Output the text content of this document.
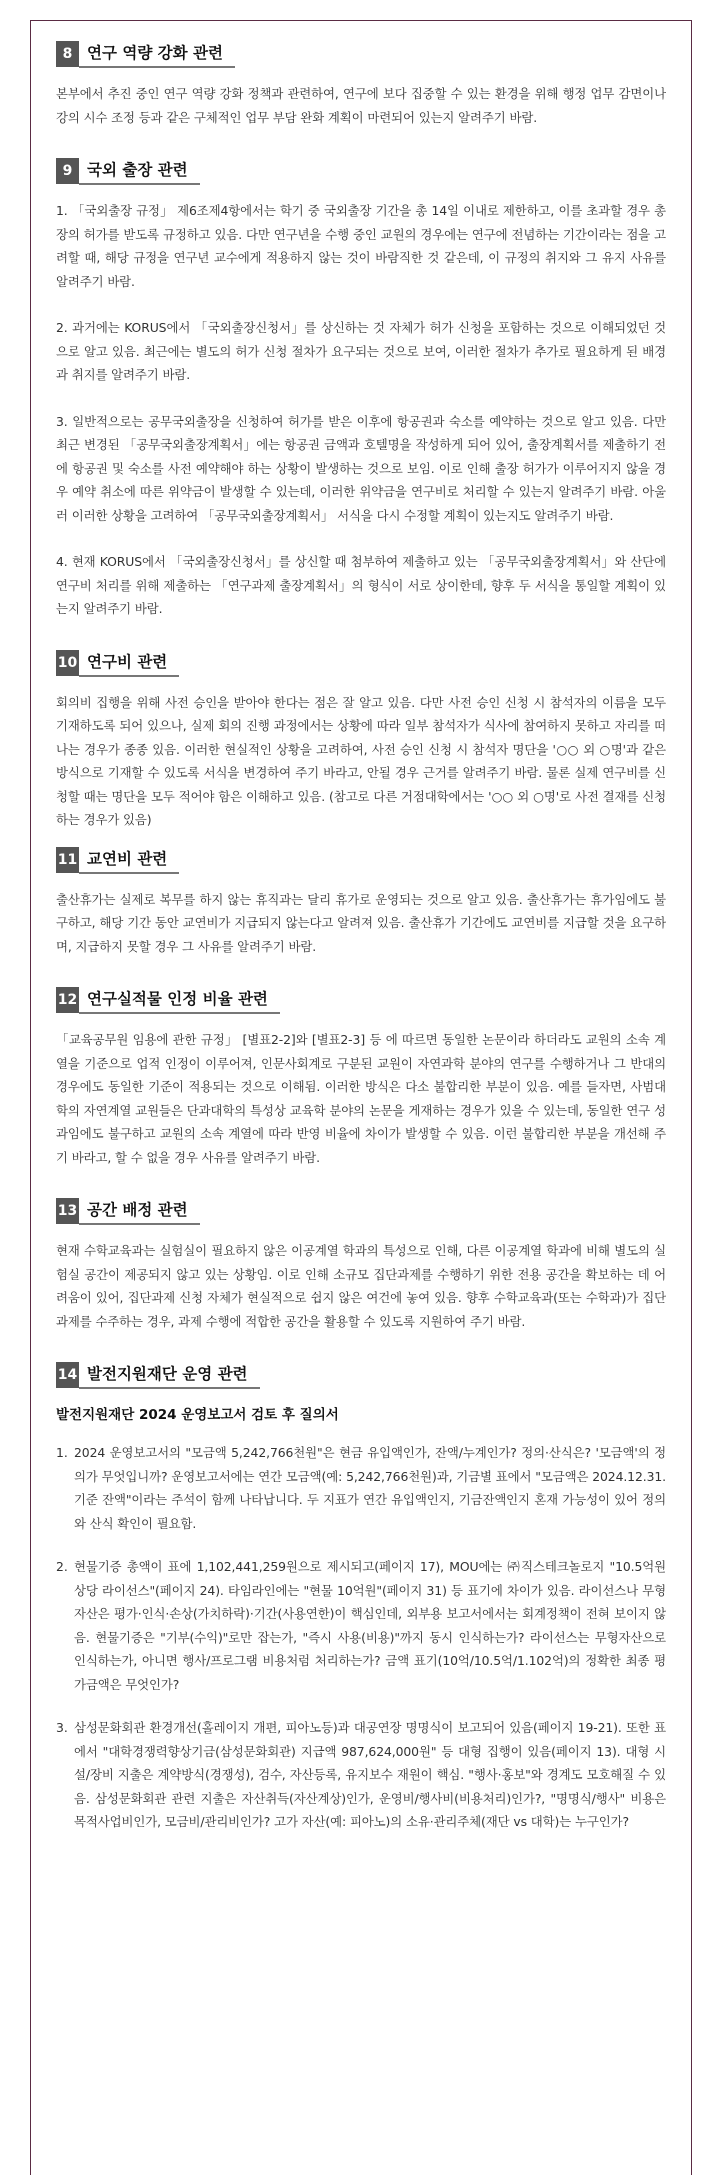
8 연구 역량 강화 관련

본부에서 추진 중인 연구 역량 강화 정책과 관련하여, 연구에 보다 집중할 수 있는 환경을 위해 행정 업무 감면이나 강의 시수 조정 등과 같은 구체적인 업무 부담 완화 계획이 마련되어 있는지 알려주기 바람.

9 국외 출장 관련

1. 「국외출장 규정」 제6조제4항에서는 학기 중 국외출장 기간을 총 14일 이내로 제한하고, 이를 초과할 경우 총장의 허가를 받도록 규정하고 있음. 다만 연구년을 수행 중인 교원의 경우에는 연구에 전념하는 기간이라는 점을 고려할 때, 해당 규정을 연구년 교수에게 적용하지 않는 것이 바람직한 것 같은데, 이 규정의 취지와 그 유지 사유를 알려주기 바람.

2. 과거에는 KORUS에서 「국외출장신청서」를 상신하는 것 자체가 허가 신청을 포함하는 것으로 이해되었던 것으로 알고 있음. 최근에는 별도의 허가 신청 절차가 요구되는 것으로 보여, 이러한 절차가 추가로 필요하게 된 배경과 취지를 알려주기 바람.

3. 일반적으로는 공무국외출장을 신청하여 허가를 받은 이후에 항공권과 숙소를 예약하는 것으로 알고 있음. 다만 최근 변경된 「공무국외출장계획서」에는 항공권 금액과 호텔명을 작성하게 되어 있어, 출장계획서를 제출하기 전에 항공권 및 숙소를 사전 예약해야 하는 상황이 발생하는 것으로 보임. 이로 인해 출장 허가가 이루어지지 않을 경우 예약 취소에 따른 위약금이 발생할 수 있는데, 이러한 위약금을 연구비로 처리할 수 있는지 알려주기 바람. 아울러 이러한 상황을 고려하여 「공무국외출장계획서」 서식을 다시 수정할 계획이 있는지도 알려주기 바람.

4. 현재 KORUS에서 「국외출장신청서」를 상신할 때 첨부하여 제출하고 있는 「공무국외출장계획서」와 산단에 연구비 처리를 위해 제출하는 「연구과제 출장계획서」의 형식이 서로 상이한데, 향후 두 서식을 통일할 계획이 있는지 알려주기 바람.

10 연구비 관련

회의비 집행을 위해 사전 승인을 받아야 한다는 점은 잘 알고 있음. 다만 사전 승인 신청 시 참석자의 이름을 모두 기재하도록 되어 있으나, 실제 회의 진행 과정에서는 상황에 따라 일부 참석자가 식사에 참여하지 못하고 자리를 떠나는 경우가 종종 있음. 이러한 현실적인 상황을 고려하여, 사전 승인 신청 시 참석자 명단을 '○○ 외 ○명'과 같은 방식으로 기재할 수 있도록 서식을 변경하여 주기 바라고, 안될 경우 근거를 알려주기 바람. 물론 실제 연구비를 신청할 때는 명단을 모두 적어야 함은 이해하고 있음. (참고로 다른 거점대학에서는 '○○ 외 ○명'로 사전 결재를 신청하는 경우가 있음)

11 교연비 관련

출산휴가는 실제로 복무를 하지 않는 휴직과는 달리 휴가로 운영되는 것으로 알고 있음. 출산휴가는 휴가임에도 불구하고, 해당 기간 동안 교연비가 지급되지 않는다고 알려져 있음. 출산휴가 기간에도 교연비를 지급할 것을 요구하며, 지급하지 못할 경우 그 사유를 알려주기 바람.

12 연구실적물 인정 비율 관련

「교육공무원 임용에 관한 규정」 [별표2-2]와 [별표2-3] 등 에 따르면 동일한 논문이라 하더라도 교원의 소속 계열을 기준으로 업적 인정이 이루어져, 인문사회계로 구분된 교원이 자연과학 분야의 연구를 수행하거나 그 반대의 경우에도 동일한 기준이 적용되는 것으로 이해됨. 이러한 방식은 다소 불합리한 부분이 있음. 예를 들자면, 사범대학의 자연계열 교원들은 단과대학의 특성상 교육학 분야의 논문을 게재하는 경우가 있을 수 있는데, 동일한 연구 성과임에도 불구하고 교원의 소속 계열에 따라 반영 비율에 차이가 발생할 수 있음. 이런 불합리한 부분을 개선해 주기 바라고, 할 수 없을 경우 사유를 알려주기 바람.

13 공간 배정 관련

현재 수학교육과는 실험실이 필요하지 않은 이공계열 학과의 특성으로 인해, 다른 이공계열 학과에 비해 별도의 실험실 공간이 제공되지 않고 있는 상황임. 이로 인해 소규모 집단과제를 수행하기 위한 전용 공간을 확보하는 데 어려움이 있어, 집단과제 신청 자체가 현실적으로 쉽지 않은 여건에 놓여 있음. 향후 수학교육과(또는 수학과)가 집단과제를 수주하는 경우, 과제 수행에 적합한 공간을 활용할 수 있도록 지원하여 주기 바람.

14 발전지원재단 운영 관련

발전지원재단 2024 운영보고서 검토 후 질의서

1. 2024 운영보고서의 "모금액 5,242,766천원"은 현금 유입액인가, 잔액/누계인가? 정의·산식은? '모금액'의 정의가 무엇입니까? 운영보고서에는 연간 모금액(예: 5,242,766천원)과, 기금별 표에서 "모금액은 2024.12.31. 기준 잔액"이라는 주석이 함께 나타납니다. 두 지표가 연간 유입액인지, 기금잔액인지 혼재 가능성이 있어 정의와 산식 확인이 필요함.

2. 현물기증 총액이 표에 1,102,441,259원으로 제시되고(페이지 17), MOU에는 ㈜직스테크놀로지 "10.5억원 상당 라이선스"(페이지 24). 타임라인에는 "현물 10억원"(페이지 31) 등 표기에 차이가 있음. 라이선스나 무형자산은 평가·인식·손상(가치하락)·기간(사용연한)이 핵심인데, 외부용 보고서에서는 회계정책이 전혀 보이지 않음. 현물기증은 "기부(수익)"로만 잡는가, "즉시 사용(비용)"까지 동시 인식하는가? 라이선스는 무형자산으로 인식하는가, 아니면 행사/프로그램 비용처럼 처리하는가? 금액 표기(10억/10.5억/1.102억)의 정확한 최종 평가금액은 무엇인가?

3. 삼성문화회관 환경개선(홀레이지 개편, 피아노등)과 대공연장 명명식이 보고되어 있음(페이지 19-21). 또한 표에서 "대학경쟁력향상기금(삼성문화회관) 지급액 987,624,000원" 등 대형 집행이 있음(페이지 13). 대형 시설/장비 지출은 계약방식(경쟁성), 검수, 자산등록, 유지보수 재원이 핵심. "행사·홍보"와 경계도 모호해질 수 있음. 삼성문화회관 관련 지출은 자산취득(자산계상)인가, 운영비/행사비(비용처리)인가?, "명명식/행사" 비용은 목적사업비인가, 모금비/관리비인가? 고가 자산(예: 피아노)의 소유·관리주체(재단 vs 대학)는 누구인가?
